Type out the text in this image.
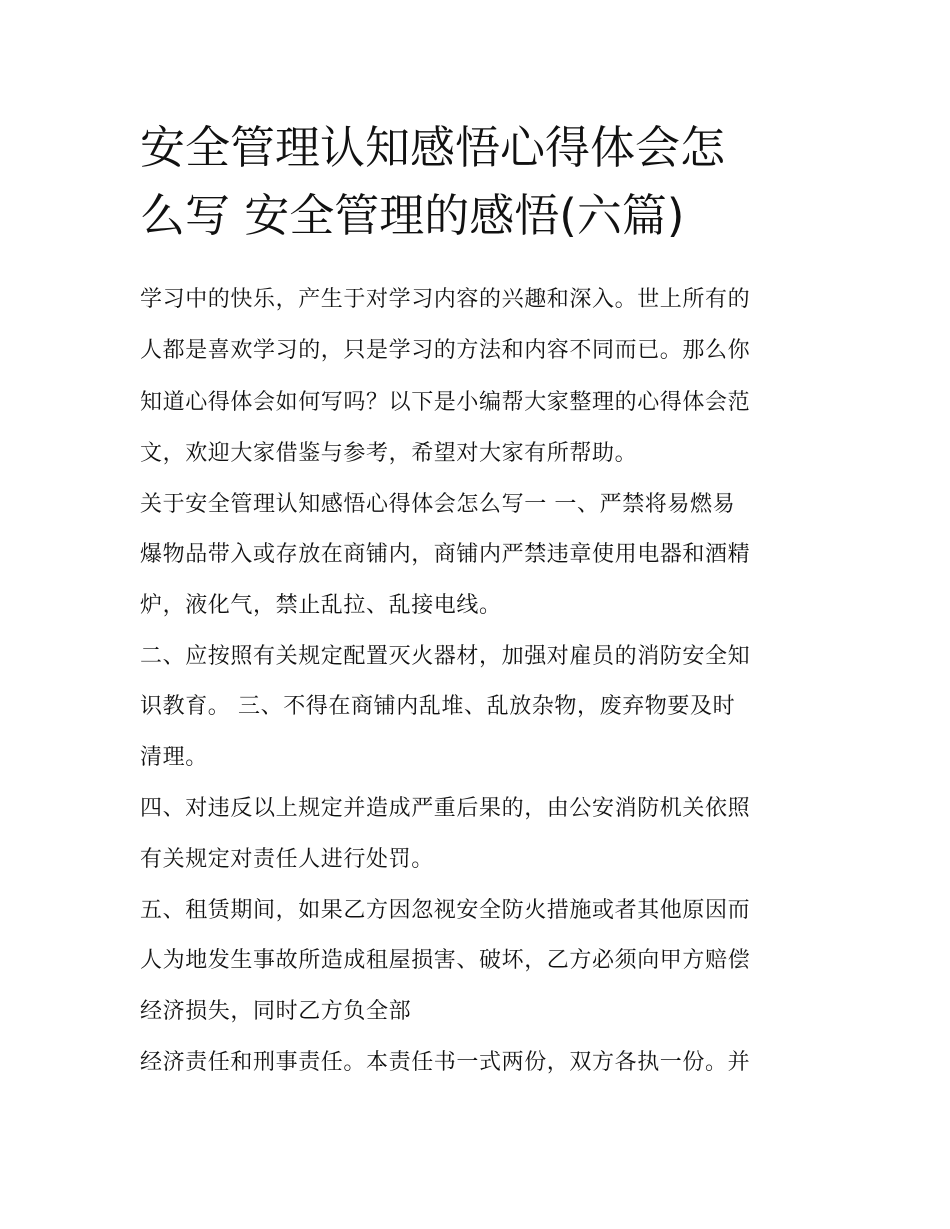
安全管理认知感悟心得体会怎
么写 安全管理的感悟(六篇)
学习中的快乐，产生于对学习内容的兴趣和深入。世上所有的
人都是喜欢学习的，只是学习的方法和内容不同而已。那么你
知道心得体会如何写吗？以下是小编帮大家整理的心得体会范
文，欢迎大家借鉴与参考，希望对大家有所帮助。
关于安全管理认知感悟心得体会怎么写一 一、严禁将易燃易
爆物品带入或存放在商铺内，商铺内严禁违章使用电器和酒精
炉，液化气，禁止乱拉、乱接电线。
二、应按照有关规定配置灭火器材，加强对雇员的消防安全知
识教育。 三、不得在商铺内乱堆、乱放杂物，废弃物要及时
清理。
四、对违反以上规定并造成严重后果的，由公安消防机关依照
有关规定对责任人进行处罚。
五、租赁期间，如果乙方因忽视安全防火措施或者其他原因而
人为地发生事故所造成租屋损害、破坏，乙方必须向甲方赔偿
经济损失，同时乙方负全部
经济责任和刑事责任。本责任书一式两份，双方各执一份。并
